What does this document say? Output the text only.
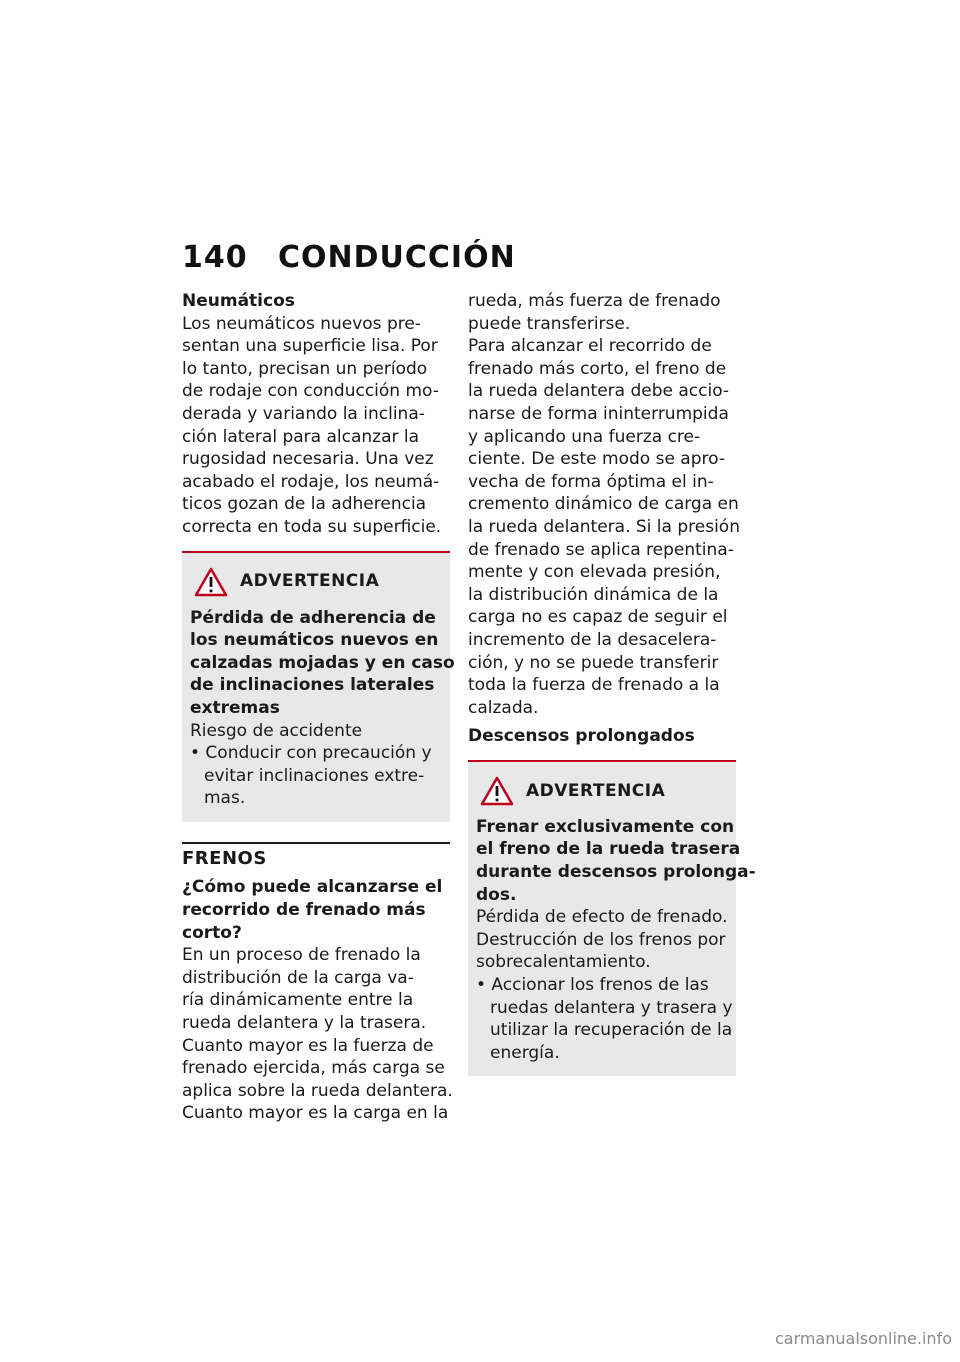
140 CONDUCCIÓN
Neumáticos
Los neumáticos nuevos pre-
sentan una superficie lisa. Por
lo tanto, precisan un período
de rodaje con conducción mo-
derada y variando la inclina-
ción lateral para alcanzar la
rugosidad necesaria. Una vez
acabado el rodaje, los neumá-
ticos gozan de la adherencia
correcta en toda su superficie.
ADVERTENCIA
Pérdida de adherencia de
los neumáticos nuevos en
calzadas mojadas y en caso
de inclinaciones laterales
extremas
Riesgo de accidente
• Conducir con precaución y
evitar inclinaciones extre-
mas.
FRENOS
¿Cómo puede alcanzarse el
recorrido de frenado más
corto?
En un proceso de frenado la
distribución de la carga va-
ría dinámicamente entre la
rueda delantera y la trasera.
Cuanto mayor es la fuerza de
frenado ejercida, más carga se
aplica sobre la rueda delantera.
Cuanto mayor es la carga en la
rueda, más fuerza de frenado
puede transferirse.
Para alcanzar el recorrido de
frenado más corto, el freno de
la rueda delantera debe accio-
narse de forma ininterrumpida
y aplicando una fuerza cre-
ciente. De este modo se apro-
vecha de forma óptima el in-
cremento dinámico de carga en
la rueda delantera. Si la presión
de frenado se aplica repentina-
mente y con elevada presión,
la distribución dinámica de la
carga no es capaz de seguir el
incremento de la desacelera-
ción, y no se puede transferir
toda la fuerza de frenado a la
calzada.
Descensos prolongados
ADVERTENCIA
Frenar exclusivamente con
el freno de la rueda trasera
durante descensos prolonga-
dos.
Pérdida de efecto de frenado.
Destrucción de los frenos por
sobrecalentamiento.
• Accionar los frenos de las
ruedas delantera y trasera y
utilizar la recuperación de la
energía.
carmanualsonline.info
